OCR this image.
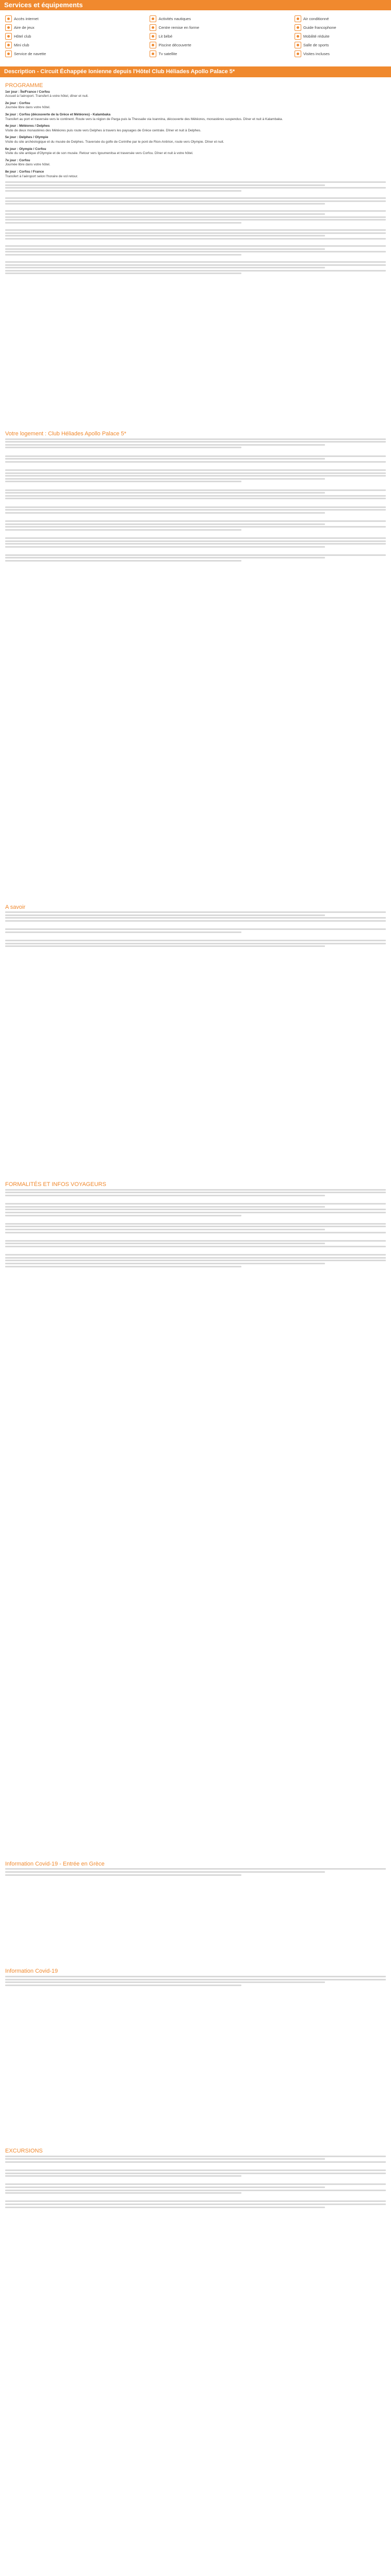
Services et équipements
Accès internet	Activités nautiques	Air conditionné
Aire de jeux	Centre remise en forme	Guide francophone
Hôtel club	Lit bébé	Mobilité réduite
Mini club	Piscine découverte	Salle de sports
Service de navette	Tv satellite	Visites incluses
Description - Circuit Échappée Ionienne depuis l'Hôtel Club Héliades Apollo Palace 5*
PROGRAMME
1er jour : Île/France / Corfou
Accueil à l'aéroport. Transfert à votre hôtel, dîner et nuit.
2e jour : Corfou
Journée libre dans votre hôtel.
3e jour : Corfou (découverte de la Grèce et Météores) - Kalambaka
Transfert au port et traversée vers le continent. Route vers la région de Parga puis la Thessalie via Ioannina, découverte des Météores, monastères suspendus. Dîner et nuit à Kalambaka.
4e jour : Météores / Delphes
Visite de deux monastères des Météores puis route vers Delphes à travers les paysages de Grèce centrale. Dîner et nuit à Delphes.
5e jour : Delphes / Olympie
Visite du site archéologique et du musée de Delphes. Traversée du golfe de Corinthe par le pont de Rion-Antirion, route vers Olympie. Dîner et nuit.
6e jour : Olympie / Corfou
Visite du site antique d'Olympie et de son musée. Retour vers Igoumenitsa et traversée vers Corfou. Dîner et nuit à votre hôtel.
7e jour : Corfou
Journée libre dans votre hôtel.
8e jour : Corfou / France
Transfert à l'aéroport selon l'horaire de vol retour.
Votre logement : Club Héliades Apollo Palace 5*
A savoir
FORMALITÉS ET INFOS VOYAGEURS
Information Covid-19 - Entrée en Grèce
Information Covid-19
EXCURSIONS
